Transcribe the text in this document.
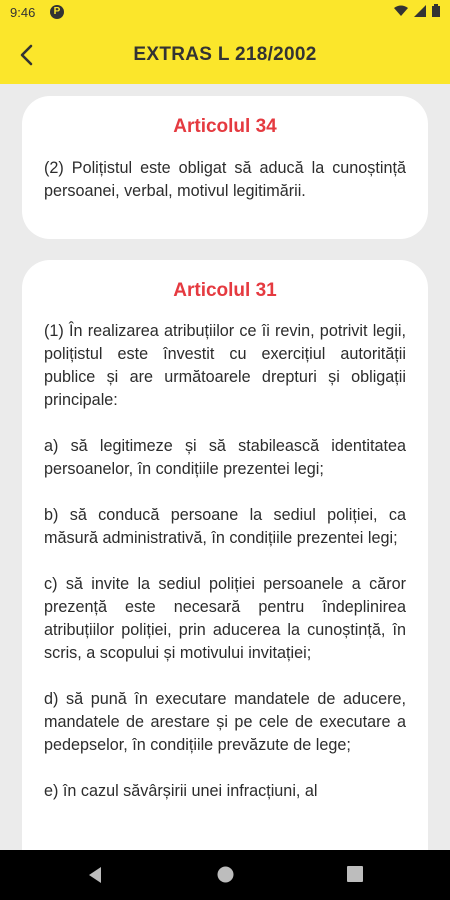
9:46	P
EXTRAS L 218/2002
Articolul 34

(2) Polițistul este obligat să aducă la cunoștință persoanei, verbal, motivul legitimării.

Articolul 31

(1) În realizarea atribuțiilor ce îi revin, potrivit legii, polițistul este învestit cu exercițiul autorității publice și are următoarele drepturi și obligații principale:

a) să legitimeze și să stabilească identitatea persoanelor, în condițiile prezentei legi;

b) să conducă persoane la sediul poliției, ca măsură administrativă, în condițiile prezentei legi;

c) să invite la sediul poliției persoanele a căror prezență este necesară pentru îndeplinirea atribuțiilor poliției, prin aducerea la cunoștință, în scris, a scopului și motivului invitației;

d) să pună în executare mandatele de aducere, mandatele de arestare și pe cele de executare a pedepselor, în condițiile prevăzute de lege;

e) în cazul săvârșirii unei infracțiuni, al
